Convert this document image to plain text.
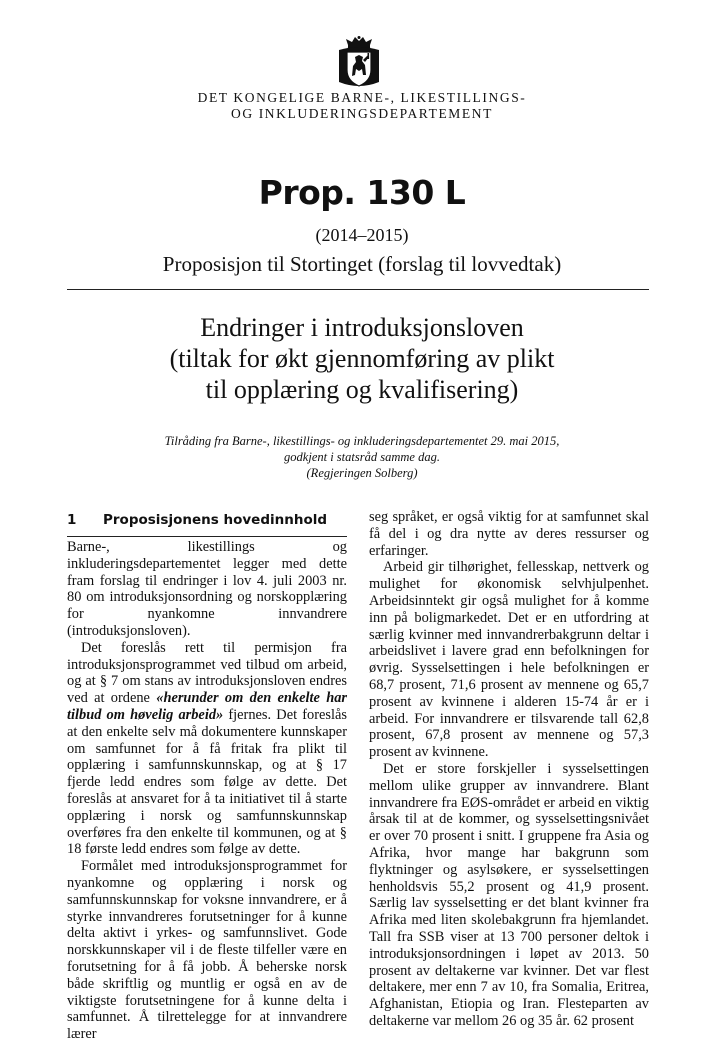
DET KONGELIGE BARNE-, LIKESTILLINGS-
OG INKLUDERINGSDEPARTEMENT
Prop. 130 L
(2014–2015)
Proposisjon til Stortinget (forslag til lovvedtak)
Endringer i introduksjonsloven
(tiltak for økt gjennomføring av plikt
til opplæring og kvalifisering)
Tilråding fra Barne-, likestillings- og inkluderingsdepartementet 29. mai 2015,
godkjent i statsråd samme dag.
(Regjeringen Solberg)
1 Proposisjonens hovedinnhold

Barne-, likestillings og inkluderingsdepartementet legger med dette fram forslag til endringer i lov 4. juli 2003 nr. 80 om introduksjonsordning og norskopplæring for nyankomne innvandrere (introduksjonsloven).

Det foreslås rett til permisjon fra introduksjonsprogrammet ved tilbud om arbeid, og at § 7 om stans av introduksjonsloven endres ved at ordene «herunder om den enkelte har tilbud om høvelig arbeid» fjernes. Det foreslås at den enkelte selv må dokumentere kunnskaper om samfunnet for å få fritak fra plikt til opplæring i samfunnskunnskap, og at § 17 fjerde ledd endres som følge av dette. Det foreslås at ansvaret for å ta initiativet til å starte opplæring i norsk og samfunnskunnskap overføres fra den enkelte til kommunen, og at § 18 første ledd endres som følge av dette.

Formålet med introduksjonsprogrammet for nyankomne og opplæring i norsk og samfunnskunnskap for voksne innvandrere, er å styrke innvandreres forutsetninger for å kunne delta aktivt i yrkes- og samfunnslivet. Gode norskkunnskaper vil i de fleste tilfeller være en forutsetning for å få jobb. Å beherske norsk både skriftlig og muntlig er også en av de viktigste forutsetningene for å kunne delta i samfunnet. Å tilrettelegge for at innvandrere lærer

seg språket, er også viktig for at samfunnet skal få del i og dra nytte av deres ressurser og erfaringer.

Arbeid gir tilhørighet, fellesskap, nettverk og mulighet for økonomisk selvhjulpenhet. Arbeidsinntekt gir også mulighet for å komme inn på boligmarkedet. Det er en utfordring at særlig kvinner med innvandrerbakgrunn deltar i arbeidslivet i lavere grad enn befolkningen for øvrig. Sysselsettingen i hele befolkningen er 68,7 prosent, 71,6 prosent av mennene og 65,7 prosent av kvinnene i alderen 15-74 år er i arbeid. For innvandrere er tilsvarende tall 62,8 prosent, 67,8 prosent av mennene og 57,3 prosent av kvinnene.

Det er store forskjeller i sysselsettingen mellom ulike grupper av innvandrere. Blant innvandrere fra EØS-området er arbeid en viktig årsak til at de kommer, og sysselsettingsnivået er over 70 prosent i snitt. I gruppene fra Asia og Afrika, hvor mange har bakgrunn som flyktninger og asylsøkere, er sysselsettingen henholdsvis 55,2 prosent og 41,9 prosent. Særlig lav sysselsetting er det blant kvinner fra Afrika med liten skolebakgrunn fra hjemlandet. Tall fra SSB viser at 13 700 personer deltok i introduksjonsordningen i løpet av 2013. 50 prosent av deltakerne var kvinner. Det var flest deltakere, mer enn 7 av 10, fra Somalia, Eritrea, Afghanistan, Etiopia og Iran. Flesteparten av deltakerne var mellom 26 og 35 år. 62 prosent
